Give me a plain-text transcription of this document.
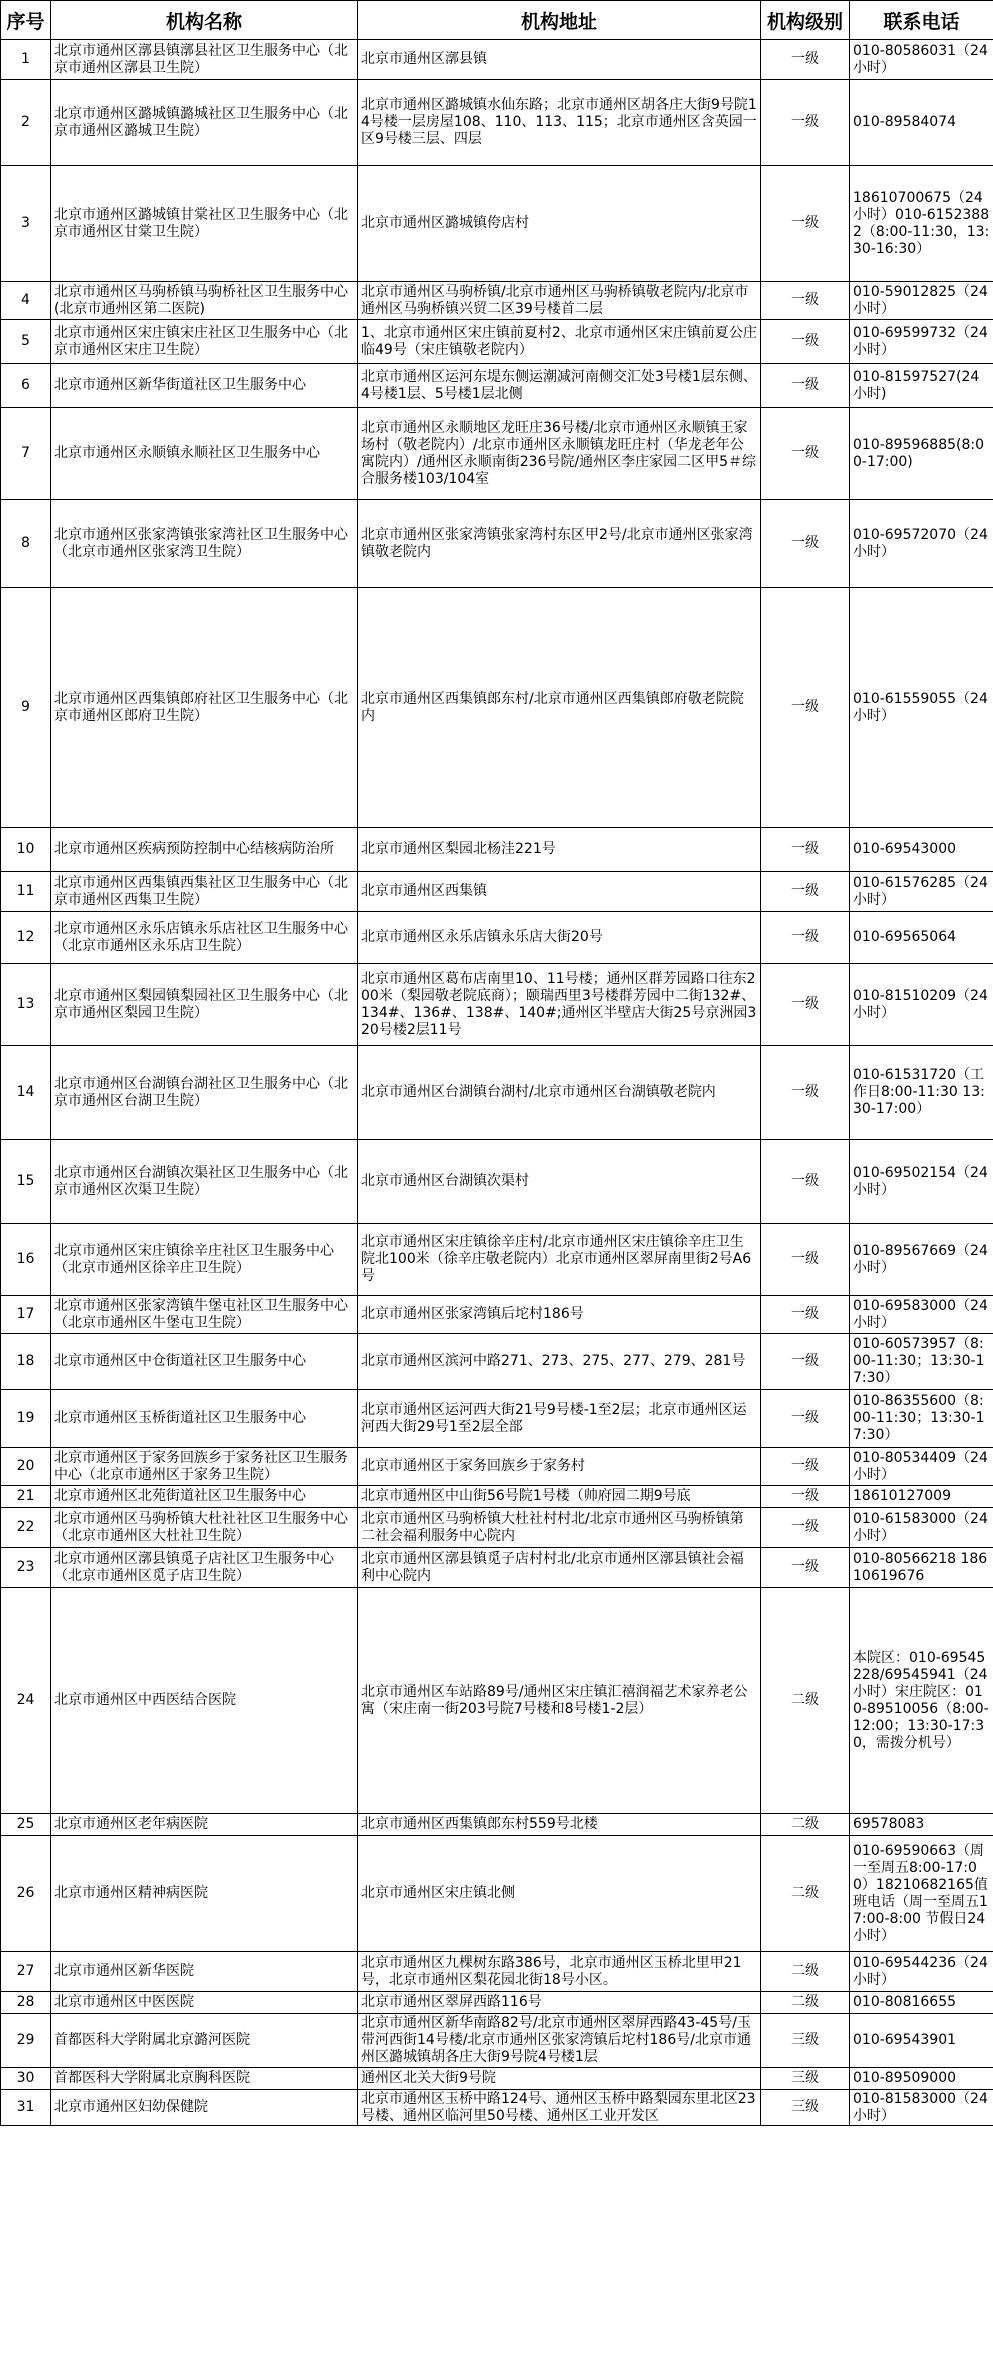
序号	机构名称	机构地址	机构级别	联系电话
1	北京市通州区漷县镇漷县社区卫生服务中心（北京市通州区漷县卫生院）	北京市通州区漷县镇	一级	010-80586031（24小时）
2	北京市通州区潞城镇潞城社区卫生服务中心（北京市通州区潞城卫生院）	北京市通州区潞城镇水仙东路；北京市通州区胡各庄大街9号院14号楼一层房屋108、110、113、115；北京市通州区含英园一区9号楼三层、四层	一级	010-89584074
3	北京市通州区潞城镇甘棠社区卫生服务中心（北京市通州区甘棠卫生院）	北京市通州区潞城镇侉店村	一级	18610700675（24小时）010-61523882（8:00-11:30，13:30-16:30）
4	北京市通州区马驹桥镇马驹桥社区卫生服务中心(北京市通州区第二医院)	北京市通州区马驹桥镇/北京市通州区马驹桥镇敬老院内/北京市通州区马驹桥镇兴贸二区39号楼首二层	一级	010-59012825（24小时）
5	北京市通州区宋庄镇宋庄社区卫生服务中心（北京市通州区宋庄卫生院）	1、北京市通州区宋庄镇前夏村2、北京市通州区宋庄镇前夏公庄临49号（宋庄镇敬老院内）	一级	010-69599732（24小时）
6	北京市通州区新华街道社区卫生服务中心	北京市通州区运河东堤东侧运潮减河南侧交汇处3号楼1层东侧、4号楼1层、5号楼1层北侧	一级	010-81597527(24小时)
7	北京市通州区永顺镇永顺社区卫生服务中心	北京市通州区永顺地区龙旺庄36号楼/北京市通州区永顺镇王家场村（敬老院内）/北京市通州区永顺镇龙旺庄村（华龙老年公寓院内）/通州区永顺南街236号院/通州区李庄家园二区甲5＃综合服务楼103/104室	一级	010-89596885(8:00-17:00)
8	北京市通州区张家湾镇张家湾社区卫生服务中心（北京市通州区张家湾卫生院）	北京市通州区张家湾镇张家湾村东区甲2号/北京市通州区张家湾镇敬老院内	一级	010-69572070（24小时）
9	北京市通州区西集镇郎府社区卫生服务中心（北京市通州区郎府卫生院）	北京市通州区西集镇郎东村/北京市通州区西集镇郎府敬老院院内	一级	010-61559055（24小时）
10	北京市通州区疾病预防控制中心结核病防治所	北京市通州区梨园北杨洼221号	一级	010-69543000
11	北京市通州区西集镇西集社区卫生服务中心（北京市通州区西集卫生院）	北京市通州区西集镇	一级	010-61576285（24小时）
12	北京市通州区永乐店镇永乐店社区卫生服务中心（北京市通州区永乐店卫生院）	北京市通州区永乐店镇永乐店大街20号	一级	010-69565064
13	北京市通州区梨园镇梨园社区卫生服务中心（北京市通州区梨园卫生院）	北京市通州区葛布店南里10、11号楼；通州区群芳园路口往东200米（梨园敬老院底商）；颐瑞西里3号楼群芳园中二街132#、134#、136#、138#、140#;通州区半壁店大街25号京洲园320号楼2层11号	一级	010-81510209（24小时）
14	北京市通州区台湖镇台湖社区卫生服务中心（北京市通州区台湖卫生院）	北京市通州区台湖镇台湖村/北京市通州区台湖镇敬老院内	一级	010-61531720（工作日8:00-11:30 13:30-17:00）
15	北京市通州区台湖镇次渠社区卫生服务中心（北京市通州区次渠卫生院）	北京市通州区台湖镇次渠村	一级	010-69502154（24小时）
16	北京市通州区宋庄镇徐辛庄社区卫生服务中心（北京市通州区徐辛庄卫生院）	北京市通州区宋庄镇徐辛庄村/北京市通州区宋庄镇徐辛庄卫生院北100米（徐辛庄敬老院内）北京市通州区翠屏南里街2号A6号	一级	010-89567669（24小时）
17	北京市通州区张家湾镇牛堡屯社区卫生服务中心（北京市通州区牛堡屯卫生院）	北京市通州区张家湾镇后坨村186号	一级	010-69583000（24小时）
18	北京市通州区中仓街道社区卫生服务中心	北京市通州区滨河中路271、273、275、277、279、281号	一级	010-60573957（8:00-11:30；13:30-17:30）
19	北京市通州区玉桥街道社区卫生服务中心	北京市通州区运河西大街21号9号楼-1至2层；北京市通州区运河西大街29号1至2层全部	一级	010-86355600（8:00-11:30；13:30-17:30）
20	北京市通州区于家务回族乡于家务社区卫生服务中心（北京市通州区于家务卫生院）	北京市通州区于家务回族乡于家务村	一级	010-80534409（24小时）
21	北京市通州区北苑街道社区卫生服务中心	北京市通州区中山街56号院1号楼（帅府园二期9号底	一级	18610127009
22	北京市通州区马驹桥镇大杜社社区卫生服务中心（北京市通州区大杜社卫生院）	北京市通州区马驹桥镇大杜社村村北/北京市通州区马驹桥镇第二社会福利服务中心院内	一级	010-61583000（24小时）
23	北京市通州区漷县镇觅子店社区卫生服务中心（北京市通州区觅子店卫生院）	北京市通州区漷县镇觅子店村村北/北京市通州区漷县镇社会福利中心院内	一级	010-80566218 18610619676
24	北京市通州区中西医结合医院	北京市通州区车站路89号/通州区宋庄镇汇禧润福艺术家养老公寓（宋庄南一街203号院7号楼和8号楼1-2层）	二级	本院区：010-69545228/69545941（24小时）宋庄院区：010-89510056（8:00-12:00；13:30-17:30，需拨分机号）
25	北京市通州区老年病医院	北京市通州区西集镇郎东村559号北楼	二级	69578083
26	北京市通州区精神病医院	北京市通州区宋庄镇北侧	二级	010-69590663（周一至周五8:00-17:00）18210682165值班电话（周一至周五17:00-8:00 节假日24小时）
27	北京市通州区新华医院	北京市通州区九棵树东路386号，北京市通州区玉桥北里甲21号，北京市通州区梨花园北街18号小区。	二级	010-69544236（24小时）
28	北京市通州区中医医院	北京市通州区翠屏西路116号	二级	010-80816655
29	首都医科大学附属北京潞河医院	北京市通州区新华南路82号/北京市通州区翠屏西路43-45号/玉带河西街14号楼/北京市通州区张家湾镇后坨村186号/北京市通州区潞城镇胡各庄大街9号院4号楼1层	三级	010-69543901
30	首都医科大学附属北京胸科医院	通州区北关大街9号院	三级	010-89509000
31	北京市通州区妇幼保健院	北京市通州区玉桥中路124号、通州区玉桥中路梨园东里北区23号楼、通州区临河里50号楼、通州区工业开发区	三级	010-81583000（24小时）
